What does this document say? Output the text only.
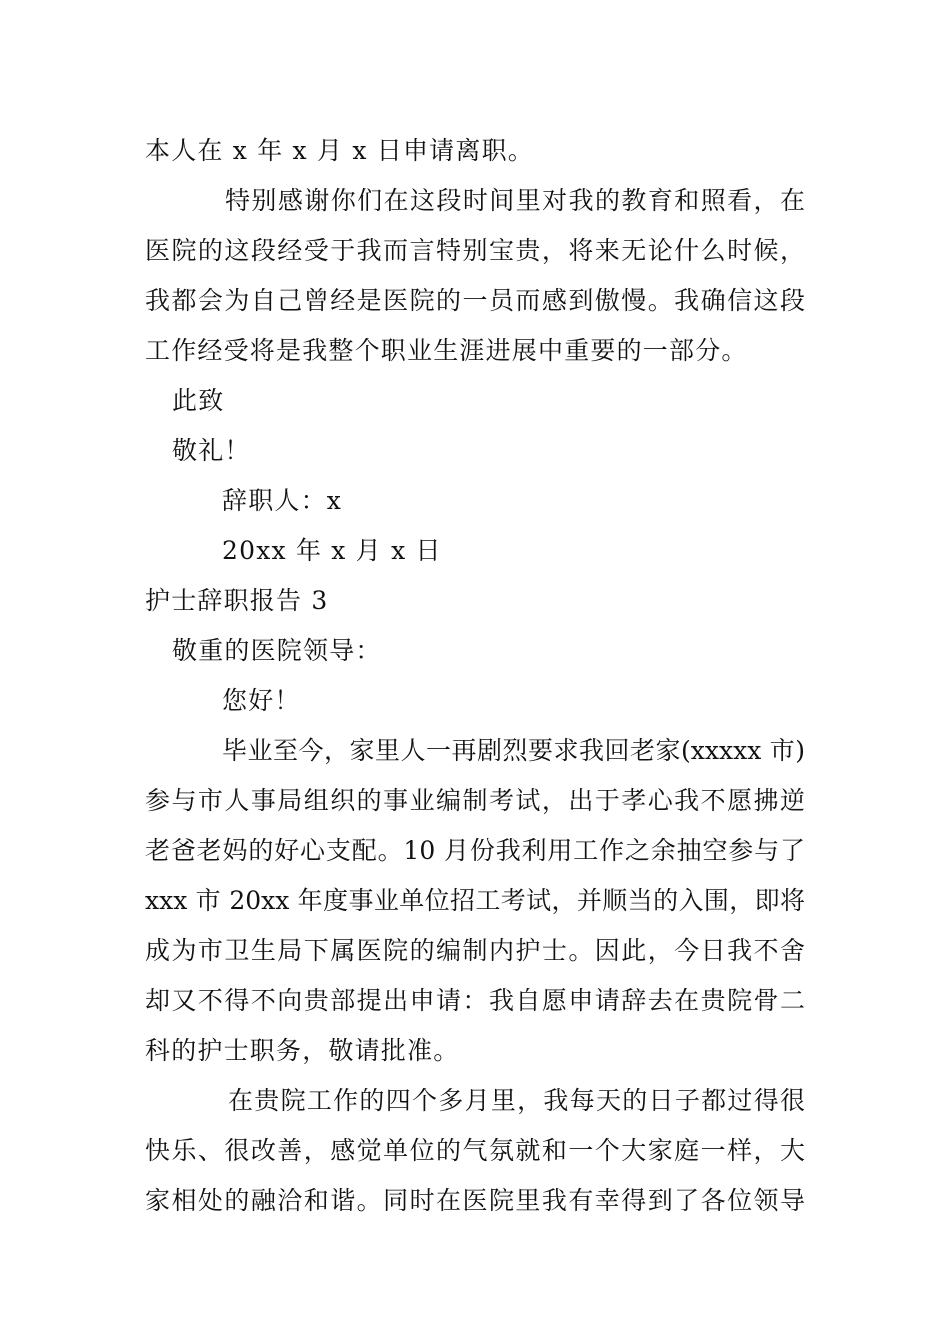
本人在 x 年 x 月 x 日申请离职。
特别感谢你们在这段时间里对我的教育和照看，在
医院的这段经受于我而言特别宝贵，将来无论什么时候，
我都会为自己曾经是医院的一员而感到傲慢。我确信这段
工作经受将是我整个职业生涯进展中重要的一部分。
此致
敬礼！
辞职人：x
20xx 年 x 月 x 日
护士辞职报告 3
敬重的医院领导：
您好！
毕业至今，家里人一再剧烈要求我回老家(xxxxx 市)
参与市人事局组织的事业编制考试，出于孝心我不愿拂逆
老爸老妈的好心支配。10 月份我利用工作之余抽空参与了
xxx 市 20xx 年度事业单位招工考试，并顺当的入围，即将
成为市卫生局下属医院的编制内护士。因此，今日我不舍
却又不得不向贵部提出申请：我自愿申请辞去在贵院骨二
科的护士职务，敬请批准。
在贵院工作的四个多月里，我每天的日子都过得很
快乐、很改善，感觉单位的气氛就和一个大家庭一样，大
家相处的融洽和谐。同时在医院里我有幸得到了各位领导
